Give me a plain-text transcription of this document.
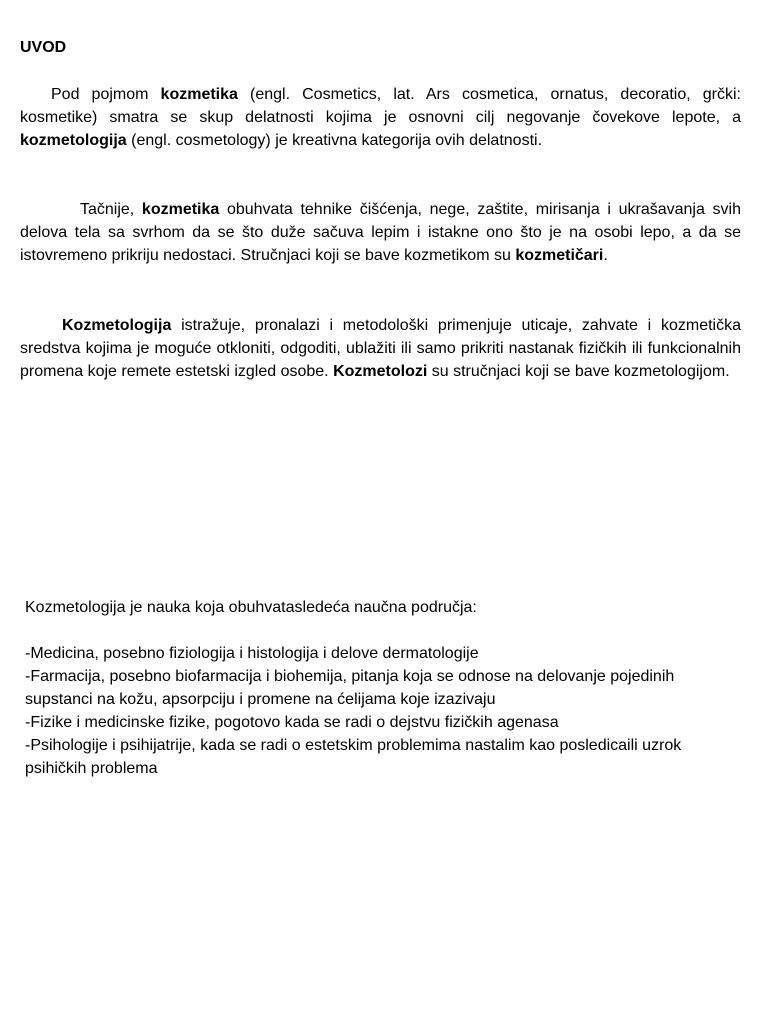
UVOD

Pod pojmom kozmetika (engl. Cosmetics, lat. Ars cosmetica, ornatus, decoratio, grčki: kosmetike) smatra se skup delatnosti kojima je osnovni cilj negovanje čovekove lepote, a kozmetologija (engl. cosmetology) je kreativna kategorija ovih delatnosti.

Tačnije, kozmetika obuhvata tehnike čišćenja, nege, zaštite, mirisanja i ukrašavanja svih delova tela sa svrhom da se što duže sačuva lepim i istakne ono što je na osobi lepo, a da se istovremeno prikriju nedostaci. Stručnjaci koji se bave kozmetikom su kozmetičari.

Kozmetologija istražuje, pronalazi i metodološki primenjuje uticaje, zahvate i kozmetička sredstva kojima je moguće otkloniti, odgoditi, ublažiti ili samo prikriti nastanak fizičkih ili funkcionalnih promena koje remete estetski izgled osobe. Kozmetolozi su stručnjaci koji se bave kozmetologijom.

Kozmetologija je nauka koja obuhvatasledeća naučna područja:

-Medicina, posebno fiziologija i histologija i delove dermatologije
-Farmacija, posebno biofarmacija i biohemija, pitanja koja se odnose na delovanje pojedinih supstanci na kožu, apsorpciju i promene na ćelijama koje izazivaju
-Fizike i medicinske fizike, pogotovo kada se radi o dejstvu fizičkih agenasa
-Psihologije i psihijatrije, kada se radi o estetskim problemima nastalim kao posledicaili uzrok psihičkih problema
